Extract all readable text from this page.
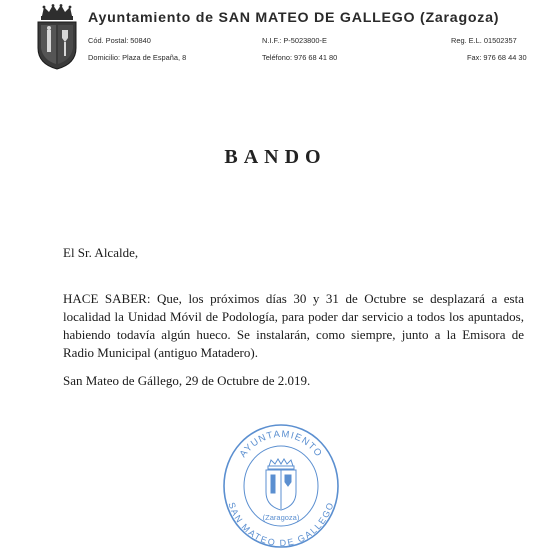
Ayuntamiento de SAN MATEO DE GALLEGO (Zaragoza)
Cód. Postal: 50840	N.I.F.: P-5023800-E	Reg. E.L. 01502357
Domicilio: Plaza de España, 8	Teléfono: 976 68 41 80	Fax: 976 68 44 30
BANDO
El Sr. Alcalde,

HACE SABER: Que, los próximos días 30 y 31 de Octubre se desplazará a esta
localidad la Unidad Móvil de Podología, para poder dar servicio a todos los apuntados,
habiendo todavía algún hueco. Se instalarán, como siempre, junto a la Emisora de
Radio Municipal (antiguo Matadero).

San Mateo de Gállego, 29 de Octubre de 2.019.
AYUNTAMIENTO
SAN MATEO DE GALLEGO
(Zaragoza)
